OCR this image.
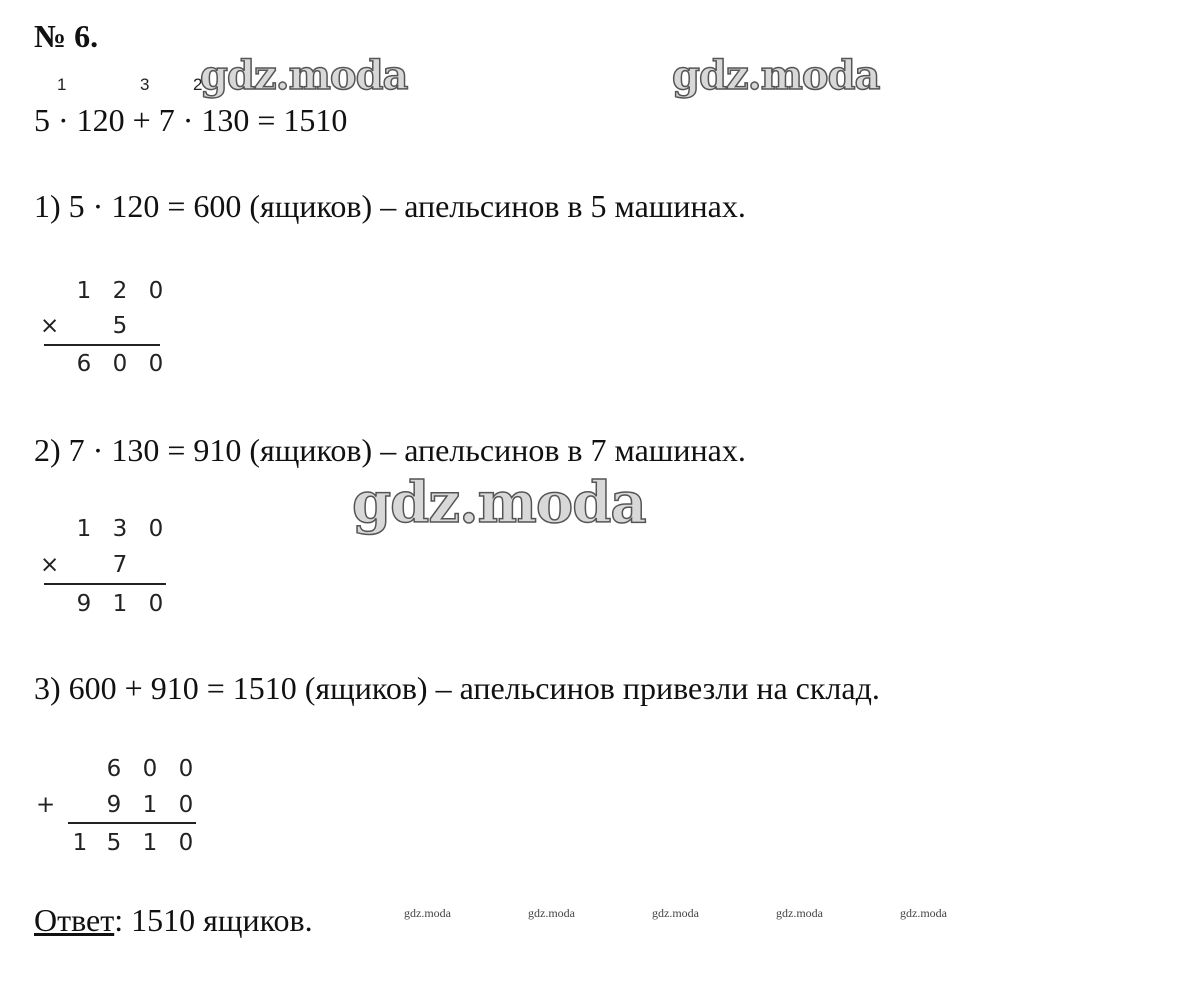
№ 6.
1	3	2
5 · 120 + 7 · 130 = 1510
1) 5 · 120 = 600 (ящиков) – апельсинов в 5 машинах.
1 2 0
×	5
6 0 0
2) 7 · 130 = 910 (ящиков) – апельсинов в 7 машинах.
1 3 0
×	7
9 1 0
3) 600 + 910 = 1510 (ящиков) – апельсинов привезли на склад.
6 0 0
+	9 1 0
1 5 1 0
Ответ: 1510 ящиков.
gdz.moda	gdz.moda
gdz.moda
gdz.moda	gdz.moda	gdz.moda	gdz.moda	gdz.moda
